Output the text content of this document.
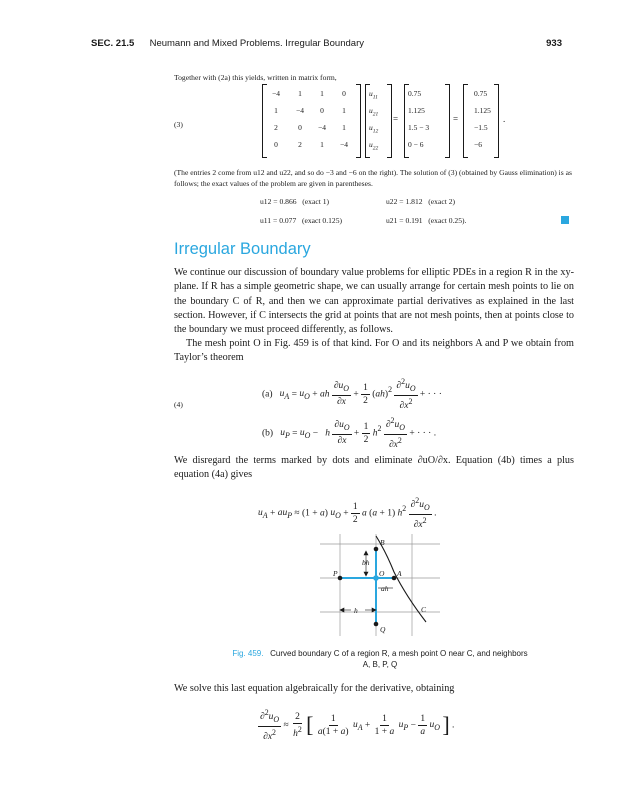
SEC. 21.5 Neumann and Mixed Problems. Irregular Boundary	933
Together with (2a) this yields, written in matrix form,
(3)
−4	1	1	0
1	−4	0	1
2	0	−4	1
0	2	1	−4
$u_{11}$
$u_{21}$
$u_{12}$
$u_{22}$
=
0.75
1.125
1.5 − 3
0 − 6
=
0.75
1.125
−1.5
−6
.
(The entries 2 come from u12 and u22, and so do −3 and −6 on the right). The solution of (3) (obtained by Gauss elimination) is as follows; the exact values of the problem are given in parentheses.
u12 = 0.866 (exact 1)	u22 = 1.812 (exact 2)
u11 = 0.077 (exact 0.125)	u21 = 0.191 (exact 0.25).
Irregular Boundary
We continue our discussion of boundary value problems for elliptic PDEs in a region R in the xy-plane. If R has a simple geometric shape, we can usually arrange for certain mesh points to lie on the boundary C of R, and then we can approximate partial derivatives as explained in the last section. However, if C intersects the grid at points that are not mesh points, then at points close to the boundary we must proceed differently, as follows.
The mesh point O in Fig. 459 is of that kind. For O and its neighbors A and P we obtain from Taylor’s theorem
(4)
(a) $u_A = u_O$ + ah $\frac{\partial u_O}{\partial x} + \frac{1}{2} (ah)^2 \frac{\partial^2u_O}{\partial x^2}$ + · · ·
(b) $u_P = u_O - h \frac{\partial u_O}{\partial x} + \frac{1}{2} h^2 \frac{\partial^2u_O}{\partial x^2}$ + · · · .
We disregard the terms marked by dots and eliminate ∂uO/∂x. Equation (4b) times a plus equation (4a) gives
$u_A + au_P \approx (1 + a) u_O + \frac{1}{2}$ a (a + 1) $h^2 \frac{\partial^2u_O}{\partial x^2}$ .
B
P	O A
C
Q
bh
ah
h
Fig. 459. Curved boundary C of a region R, a mesh point O near C, and neighbors A, B, P, Q
We solve this last equation algebraically for the derivative, obtaining
$\frac{\partial^2u_O}{\partial x^2} \approx \frac{2}{h^2}$ [ $\frac{1}{a(1 + a)} u_A + \frac{1}{1 + a} u_P - \frac{1}{a} u_O$ ] .
